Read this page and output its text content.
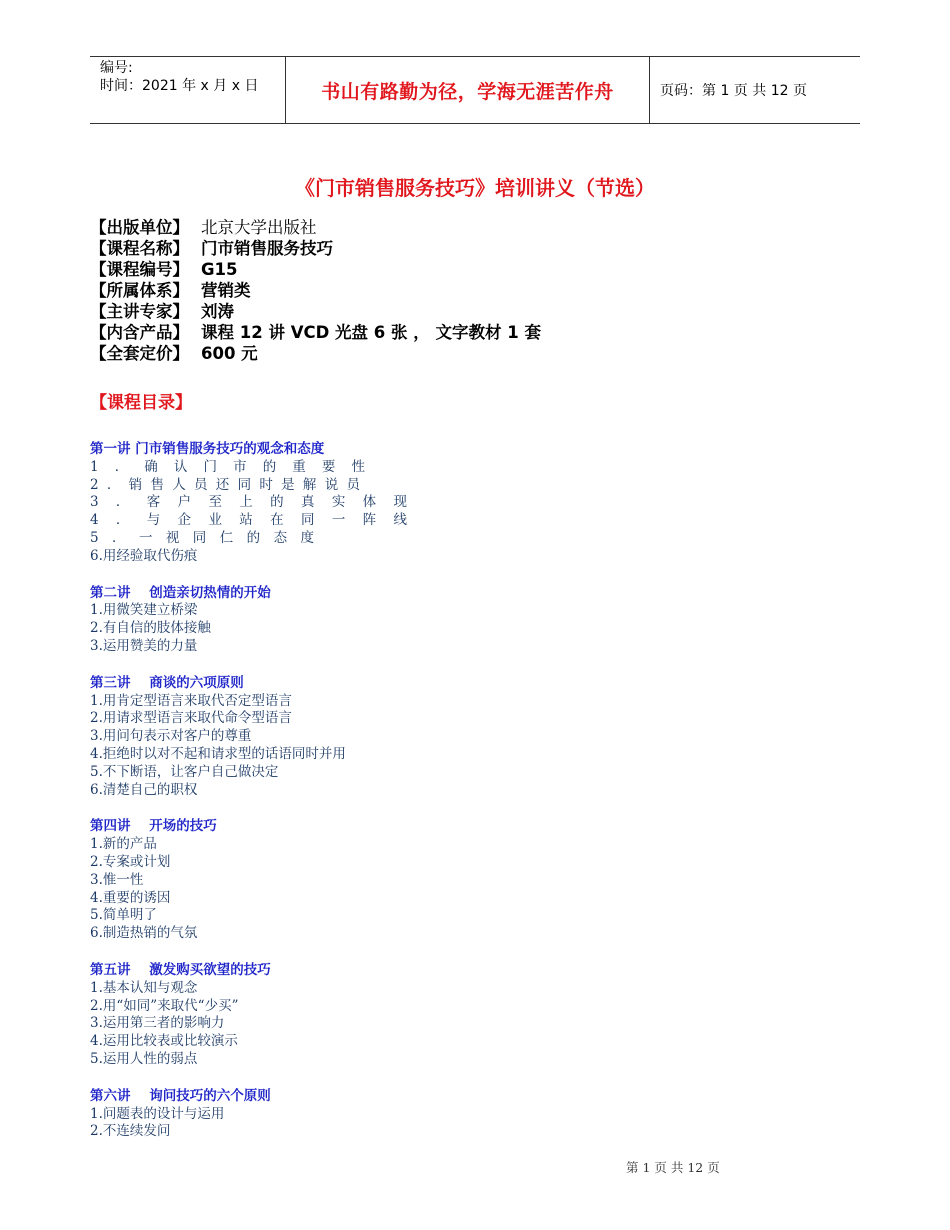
编号:
时间：2021 年 x 月 x 日	书山有路勤为径，学海无涯苦作舟	页码：第 1 页 共 12 页
《门市销售服务技巧》培训讲义（节选）
【出版单位】 北京大学出版社
【课程名称】 门市销售服务技巧
【课程编号】 G15
【所属体系】 营销类
【主讲专家】 刘涛
【内含产品】 课程 12 讲 VCD 光盘 6 张 ， 文字教材 1 套
【全套定价】 600 元
【课程目录】
第一讲 门市销售服务技巧的观念和态度
1．确认门市的重要性
2．销售人员还同时是解说员
3．客户至上的真实体现
4．与企业站在同一阵线
5．一视同仁的态度
6.用经验取代伤痕
第二讲    创造亲切热情的开始
1.用微笑建立桥梁
2.有自信的肢体接触
3.运用赞美的力量
第三讲    商谈的六项原则
1.用肯定型语言来取代否定型语言
2.用请求型语言来取代命令型语言
3.用问句表示对客户的尊重
4.拒绝时以对不起和请求型的话语同时并用
5.不下断语，让客户自己做决定
6.清楚自己的职权
第四讲    开场的技巧
1.新的产品
2.专案或计划
3.惟一性
4.重要的诱因
5.简单明了
6.制造热销的气氛
第五讲    激发购买欲望的技巧
1.基本认知与观念
2.用“如同”来取代“少买”
3.运用第三者的影响力
4.运用比较表或比较演示
5.运用人性的弱点
第六讲    询问技巧的六个原则
1.问题表的设计与运用
2.不连续发问
第 1 页 共 12 页
